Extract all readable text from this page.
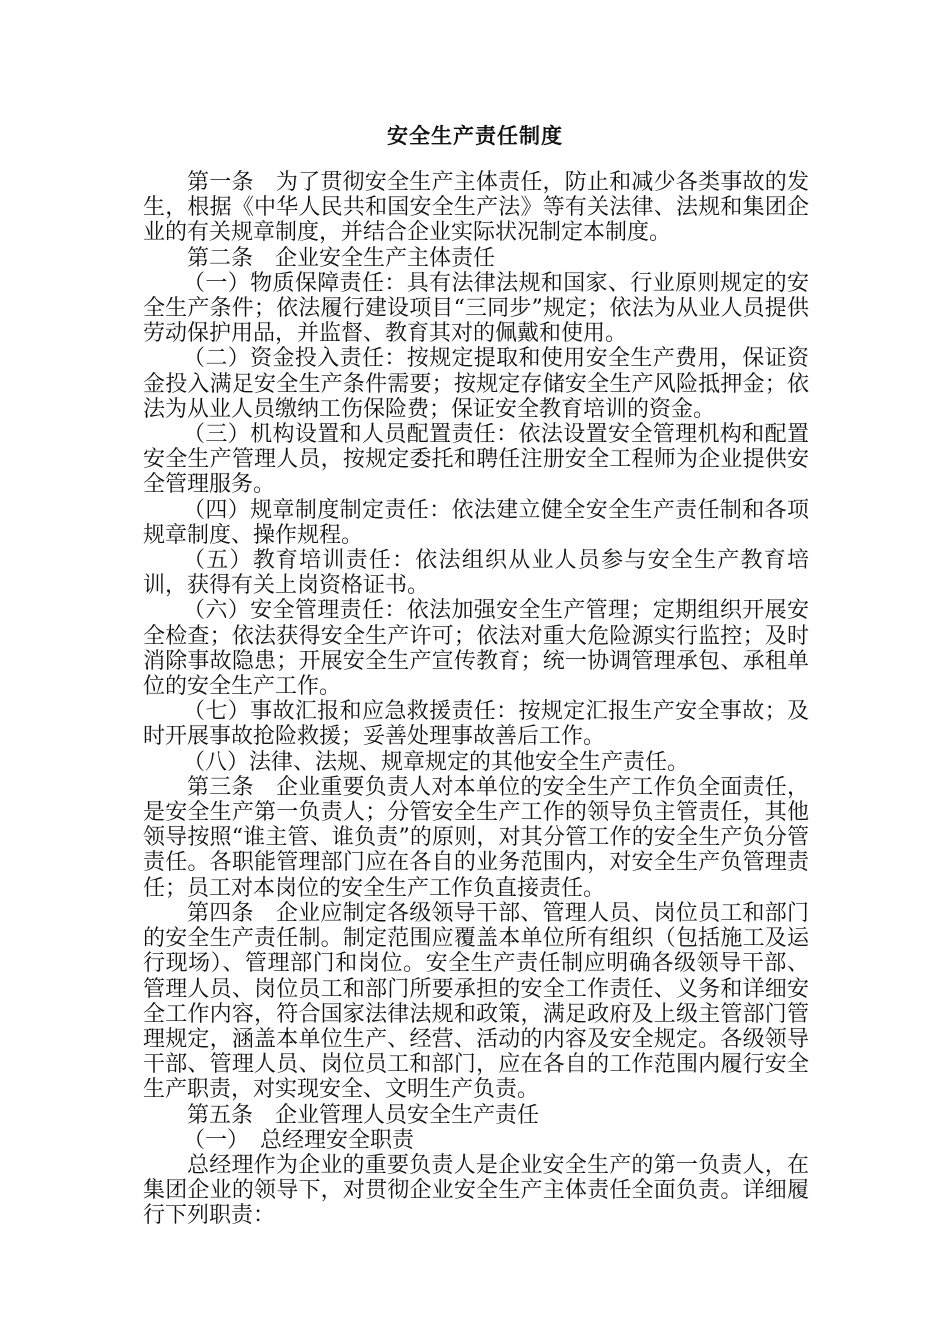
安全生产责任制度

第一条　为了贯彻安全生产主体责任，防止和减少各类事故的发生，根据《中华人民共和国安全生产法》等有关法律、法规和集团企业的有关规章制度，并结合企业实际状况制定本制度。

第二条　企业安全生产主体责任

（一）物质保障责任：具有法律法规和国家、行业原则规定的安全生产条件；依法履行建设项目“三同步”规定；依法为从业人员提供劳动保护用品，并监督、教育其对的佩戴和使用。

（二）资金投入责任：按规定提取和使用安全生产费用，保证资金投入满足安全生产条件需要；按规定存储安全生产风险抵押金；依法为从业人员缴纳工伤保险费；保证安全教育培训的资金。

（三）机构设置和人员配置责任：依法设置安全管理机构和配置安全生产管理人员，按规定委托和聘任注册安全工程师为企业提供安全管理服务。

（四）规章制度制定责任：依法建立健全安全生产责任制和各项规章制度、操作规程。

（五）教育培训责任：依法组织从业人员参与安全生产教育培训，获得有关上岗资格证书。

（六）安全管理责任：依法加强安全生产管理；定期组织开展安全检查；依法获得安全生产许可；依法对重大危险源实行监控；及时消除事故隐患；开展安全生产宣传教育；统一协调管理承包、承租单位的安全生产工作。

（七）事故汇报和应急救援责任：按规定汇报生产安全事故；及时开展事故抢险救援；妥善处理事故善后工作。

（八）法律、法规、规章规定的其他安全生产责任。

第三条　企业重要负责人对本单位的安全生产工作负全面责任，是安全生产第一负责人；分管安全生产工作的领导负主管责任，其他领导按照“谁主管、谁负责”的原则，对其分管工作的安全生产负分管责任。各职能管理部门应在各自的业务范围内，对安全生产负管理责任；员工对本岗位的安全生产工作负直接责任。

第四条　企业应制定各级领导干部、管理人员、岗位员工和部门的安全生产责任制。制定范围应覆盖本单位所有组织（包括施工及运行现场）、管理部门和岗位。安全生产责任制应明确各级领导干部、管理人员、岗位员工和部门所要承担的安全工作责任、义务和详细安全工作内容，符合国家法律法规和政策，满足政府及上级主管部门管理规定，涵盖本单位生产、经营、活动的内容及安全规定。各级领导干部、管理人员、岗位员工和部门，应在各自的工作范围内履行安全生产职责，对实现安全、文明生产负责。

第五条　企业管理人员安全生产责任

（一）　总经理安全职责

总经理作为企业的重要负责人是企业安全生产的第一负责人，在集团企业的领导下，对贯彻企业安全生产主体责任全面负责。详细履行下列职责：
